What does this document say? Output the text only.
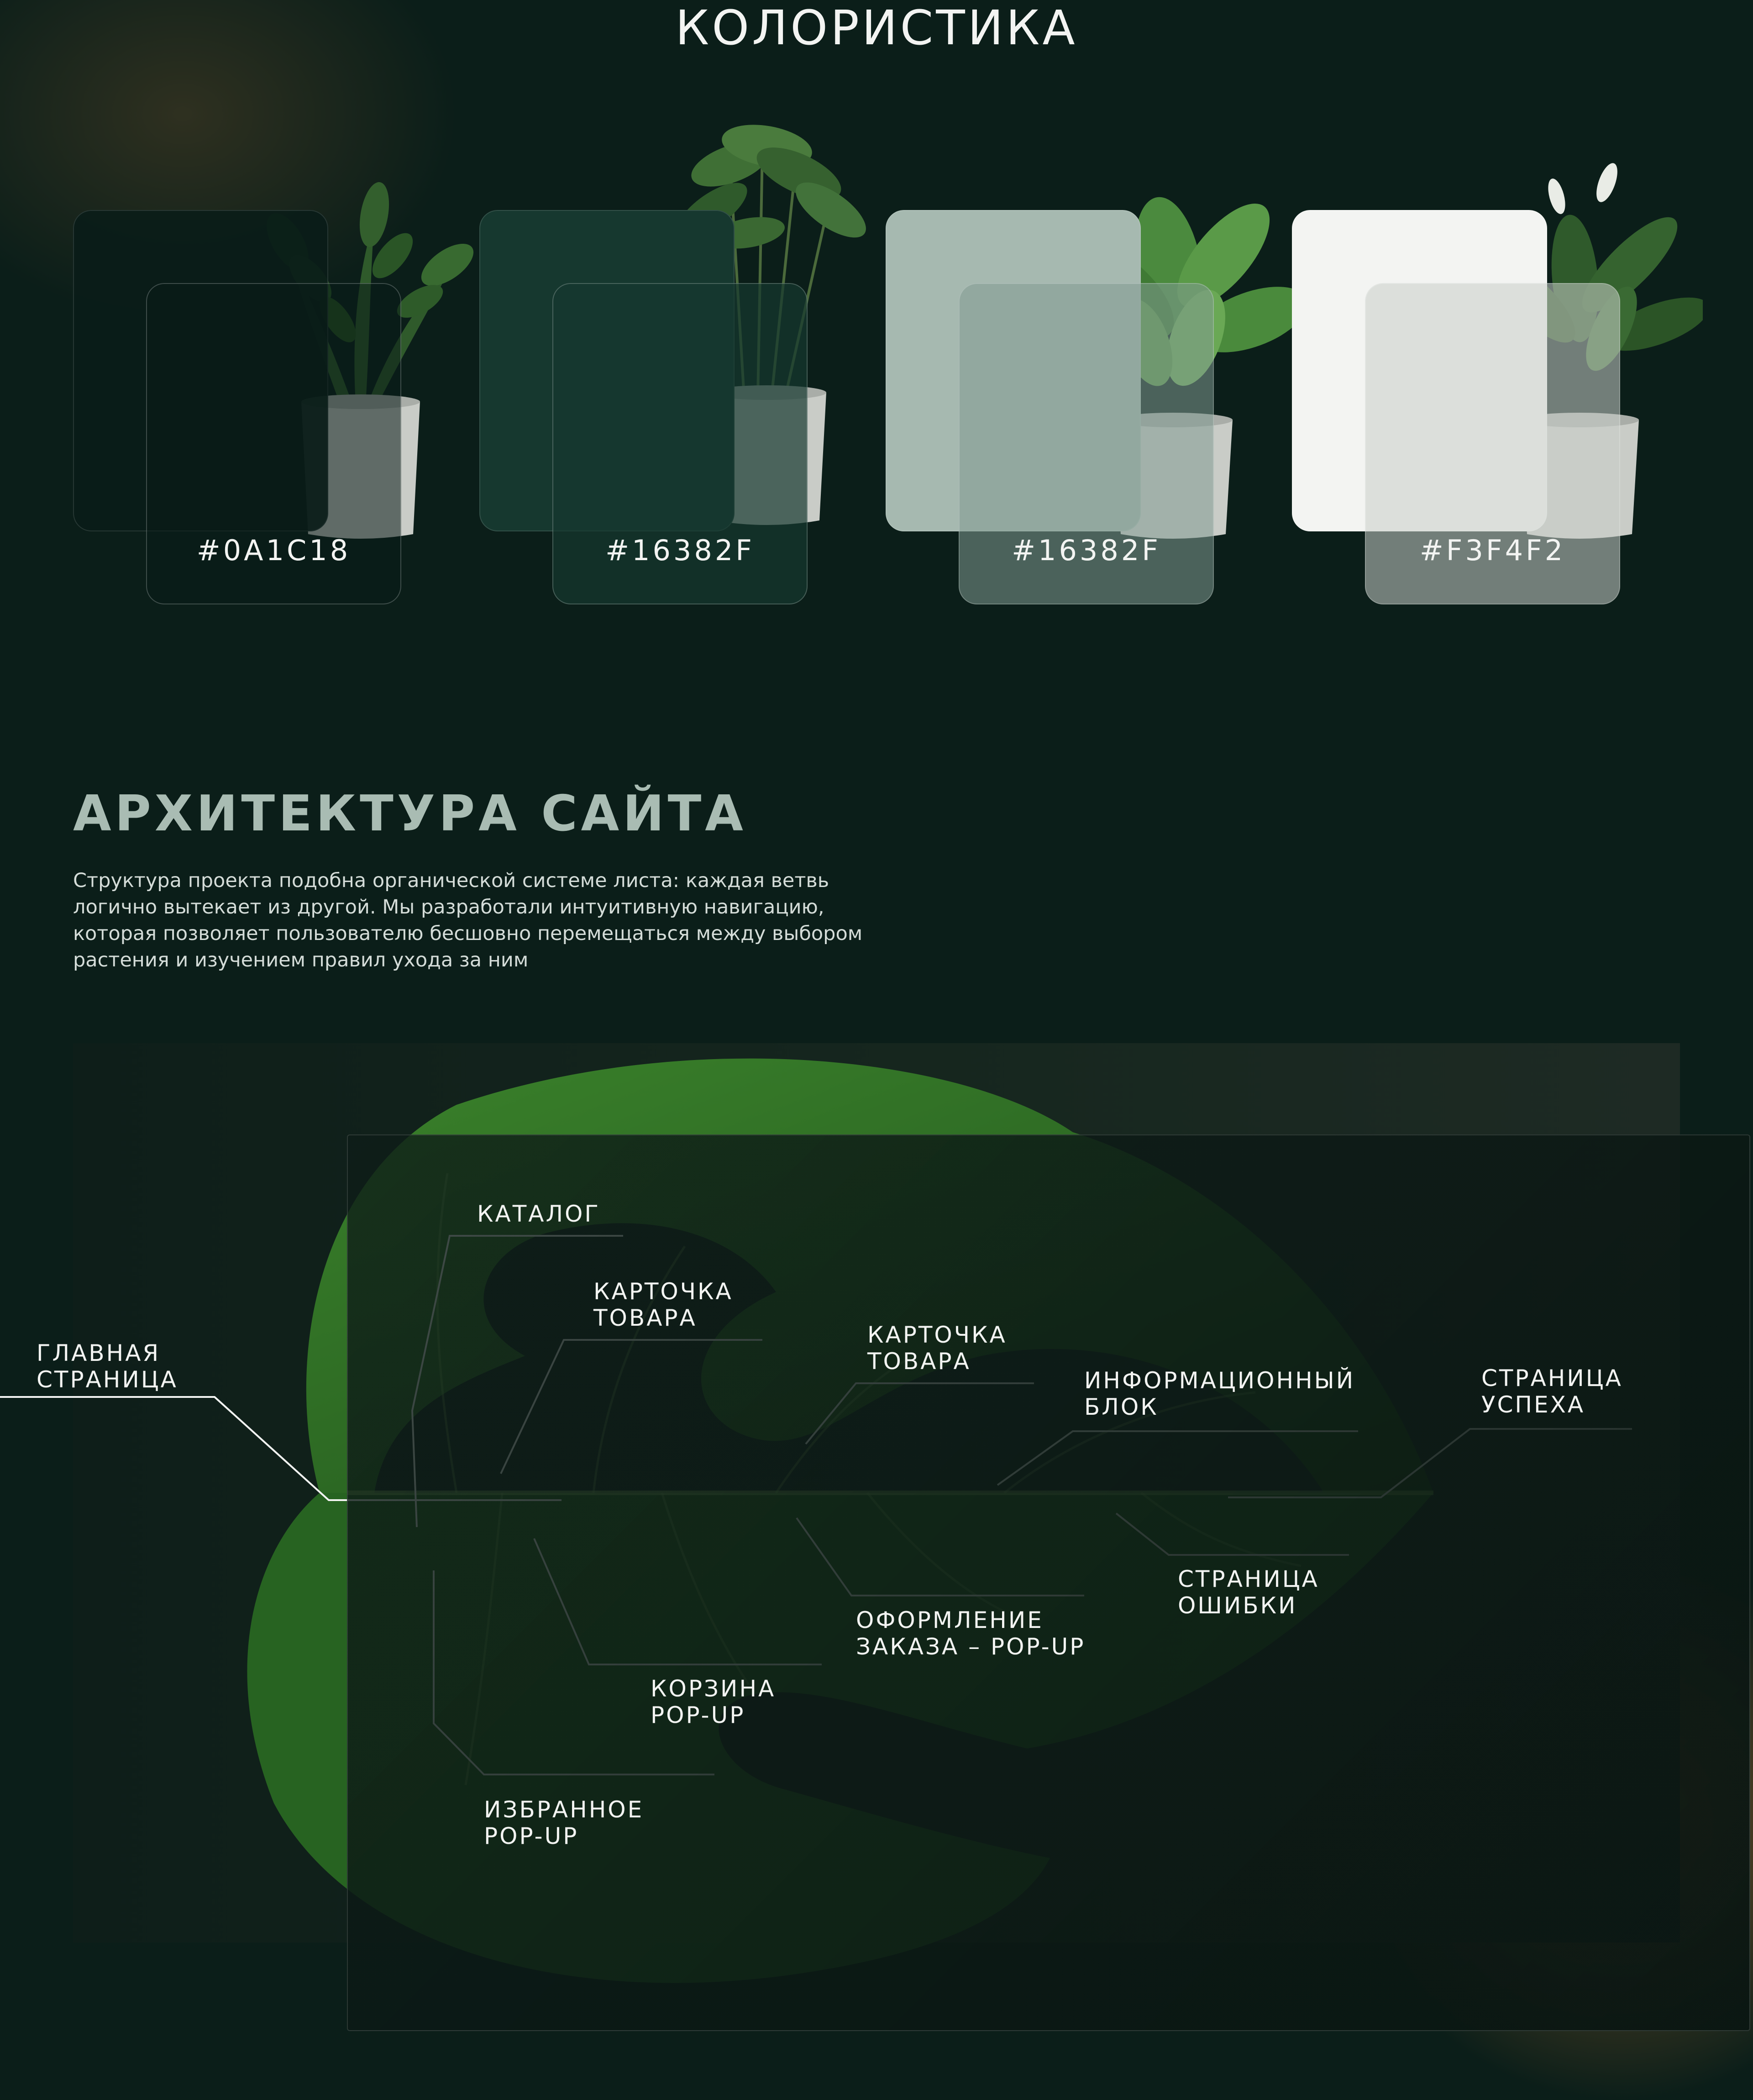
КОЛОРИСТИКА
#0A1C18	#16382F	#16382F	#F3F4F2
АРХИТЕКТУРА САЙТА
Структура проекта подобна органической системе листа: каждая ветвь логично вытекает из другой. Мы разработали интуитивную навигацию, которая позволяет пользователю бесшовно перемещаться между выбором растения и изучением правил ухода за ним
ГЛАВНАЯ
СТРАНИЦА
КАТАЛОГ
КАРТОЧКА
ТОВАРА
КАРТОЧКА
ТОВАРА
ИНФОРМАЦИОННЫЙ
БЛОК
СТРАНИЦА
УСПЕХА
СТРАНИЦА
ОШИБКИ
ОФОРМЛЕНИЕ
ЗАКАЗА – POP-UP
КОРЗИНА
POP-UP
ИЗБРАННОЕ
POP-UP
